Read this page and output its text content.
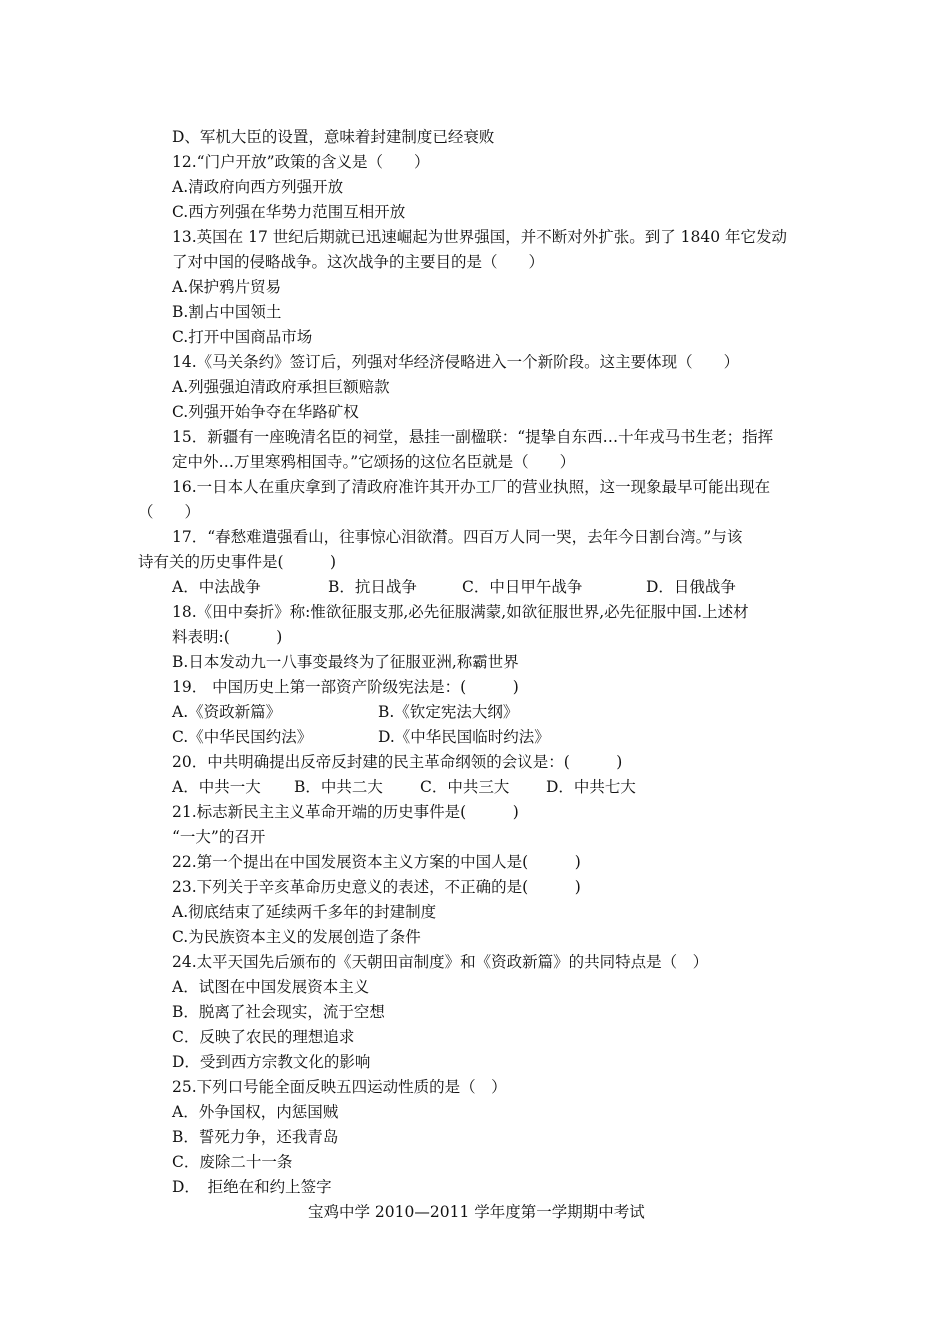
D、军机大臣的设置，意味着封建制度已经衰败
12.“门户开放”政策的含义是（　　）
A.清政府向西方列强开放
C.西方列强在华势力范围互相开放
13.英国在 17 世纪后期就已迅速崛起为世界强国，并不断对外扩张。到了 1840 年它发动
了对中国的侵略战争。这次战争的主要目的是（　　）
A.保护鸦片贸易
B.割占中国领土
C.打开中国商品市场
14.《马关条约》签订后，列强对华经济侵略进入一个新阶段。这主要体现（　　）
A.列强强迫清政府承担巨额赔款
C.列强开始争夺在华路矿权
15．新疆有一座晚清名臣的祠堂，悬挂一副楹联：“提挚自东西…十年戎马书生老；指挥
定中外…万里寒鸦相国寺。”它颂扬的这位名臣就是（　　）
16.一日本人在重庆拿到了清政府准许其开办工厂的营业执照，这一现象最早可能出现在
（　　）
17．“春愁难遣强看山，往事惊心泪欲潸。四百万人同一哭，去年今日割台湾。”与该
诗有关的历史事件是(　　　)
A．中法战争	B．抗日战争	C．中日甲午战争	D．日俄战争
18.《田中奏折》称:惟欲征服支那,必先征服满蒙,如欲征服世界,必先征服中国.上述材
料表明:(　　　)
B.日本发动九一八事变最终为了征服亚洲,称霸世界
19． 中国历史上第一部资产阶级宪法是：(　　　)
A.《资政新篇》	B.《钦定宪法大纲》
C.《中华民国约法》	D.《中华民国临时约法》
20．中共明确提出反帝反封建的民主革命纲领的会议是：(　　　)
A．中共一大 B．中共二大 C．中共三大 D．中共七大
21.标志新民主主义革命开端的历史事件是(　　　)
“一大”的召开
22.第一个提出在中国发展资本主义方案的中国人是(　　　)
23.下列关于辛亥革命历史意义的表述，不正确的是(　　　)
A.彻底结束了延续两千多年的封建制度
C.为民族资本主义的发展创造了条件
24.太平天国先后颁布的《天朝田亩制度》和《资政新篇》的共同特点是（　）
A．试图在中国发展资本主义
B．脱离了社会现实，流于空想
C．反映了农民的理想追求
D．受到西方宗教文化的影响
25.下列口号能全面反映五四运动性质的是（　）
A．外争国权，内惩国贼
B．誓死力争，还我青岛
C．废除二十一条
D．　拒绝在和约上签字
宝鸡中学 2010—2011 学年度第一学期期中考试
